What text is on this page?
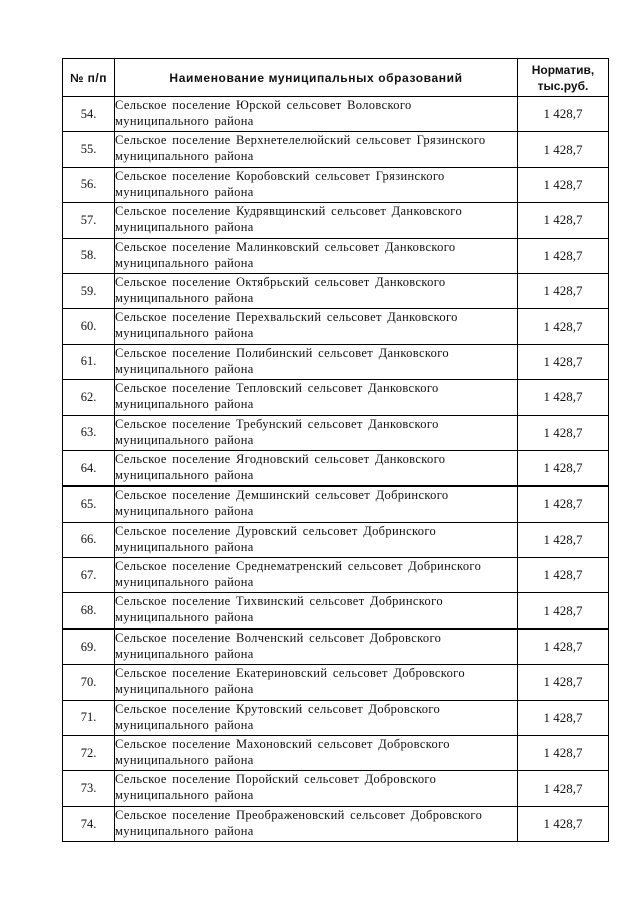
№ п/п	Наименование муниципальных образований	Норматив,
тыс.руб.
54.	Сельское поселение Юрской сельсовет Воловского
муниципального района	1 428,7
55.	Сельское поселение Верхнетелелюйский сельсовет Грязинского
муниципального района	1 428,7
56.	Сельское поселение Коробовский сельсовет Грязинского
муниципального района	1 428,7
57.	Сельское поселение Кудрявщинский сельсовет Данковского
муниципального района	1 428,7
58.	Сельское поселение Малинковский сельсовет Данковского
муниципального района	1 428,7
59.	Сельское поселение Октябрьский сельсовет Данковского
муниципального района	1 428,7
60.	Сельское поселение Перехвальский сельсовет Данковского
муниципального района	1 428,7
61.	Сельское поселение Полибинский сельсовет Данковского
муниципального района	1 428,7
62.	Сельское поселение Тепловский сельсовет Данковского
муниципального района	1 428,7
63.	Сельское поселение Требунский сельсовет Данковского
муниципального района	1 428,7
64.	Сельское поселение Ягодновский сельсовет Данковского
муниципального района	1 428,7
65.	Сельское поселение Демшинский сельсовет Добринского
муниципального района	1 428,7
66.	Сельское поселение Дуровский сельсовет Добринского
муниципального района	1 428,7
67.	Сельское поселение Среднематренский сельсовет Добринского
муниципального района	1 428,7
68.	Сельское поселение Тихвинский сельсовет Добринского
муниципального района	1 428,7
69.	Сельское поселение Волченский сельсовет Добровского
муниципального района	1 428,7
70.	Сельское поселение Екатериновский сельсовет Добровского
муниципального района	1 428,7
71.	Сельское поселение Крутовский сельсовет Добровского
муниципального района	1 428,7
72.	Сельское поселение Махоновский сельсовет Добровского
муниципального района	1 428,7
73.	Сельское поселение Поройский сельсовет Добровского
муниципального района	1 428,7
74.	Сельское поселение Преображеновский сельсовет Добровского
муниципального района	1 428,7
